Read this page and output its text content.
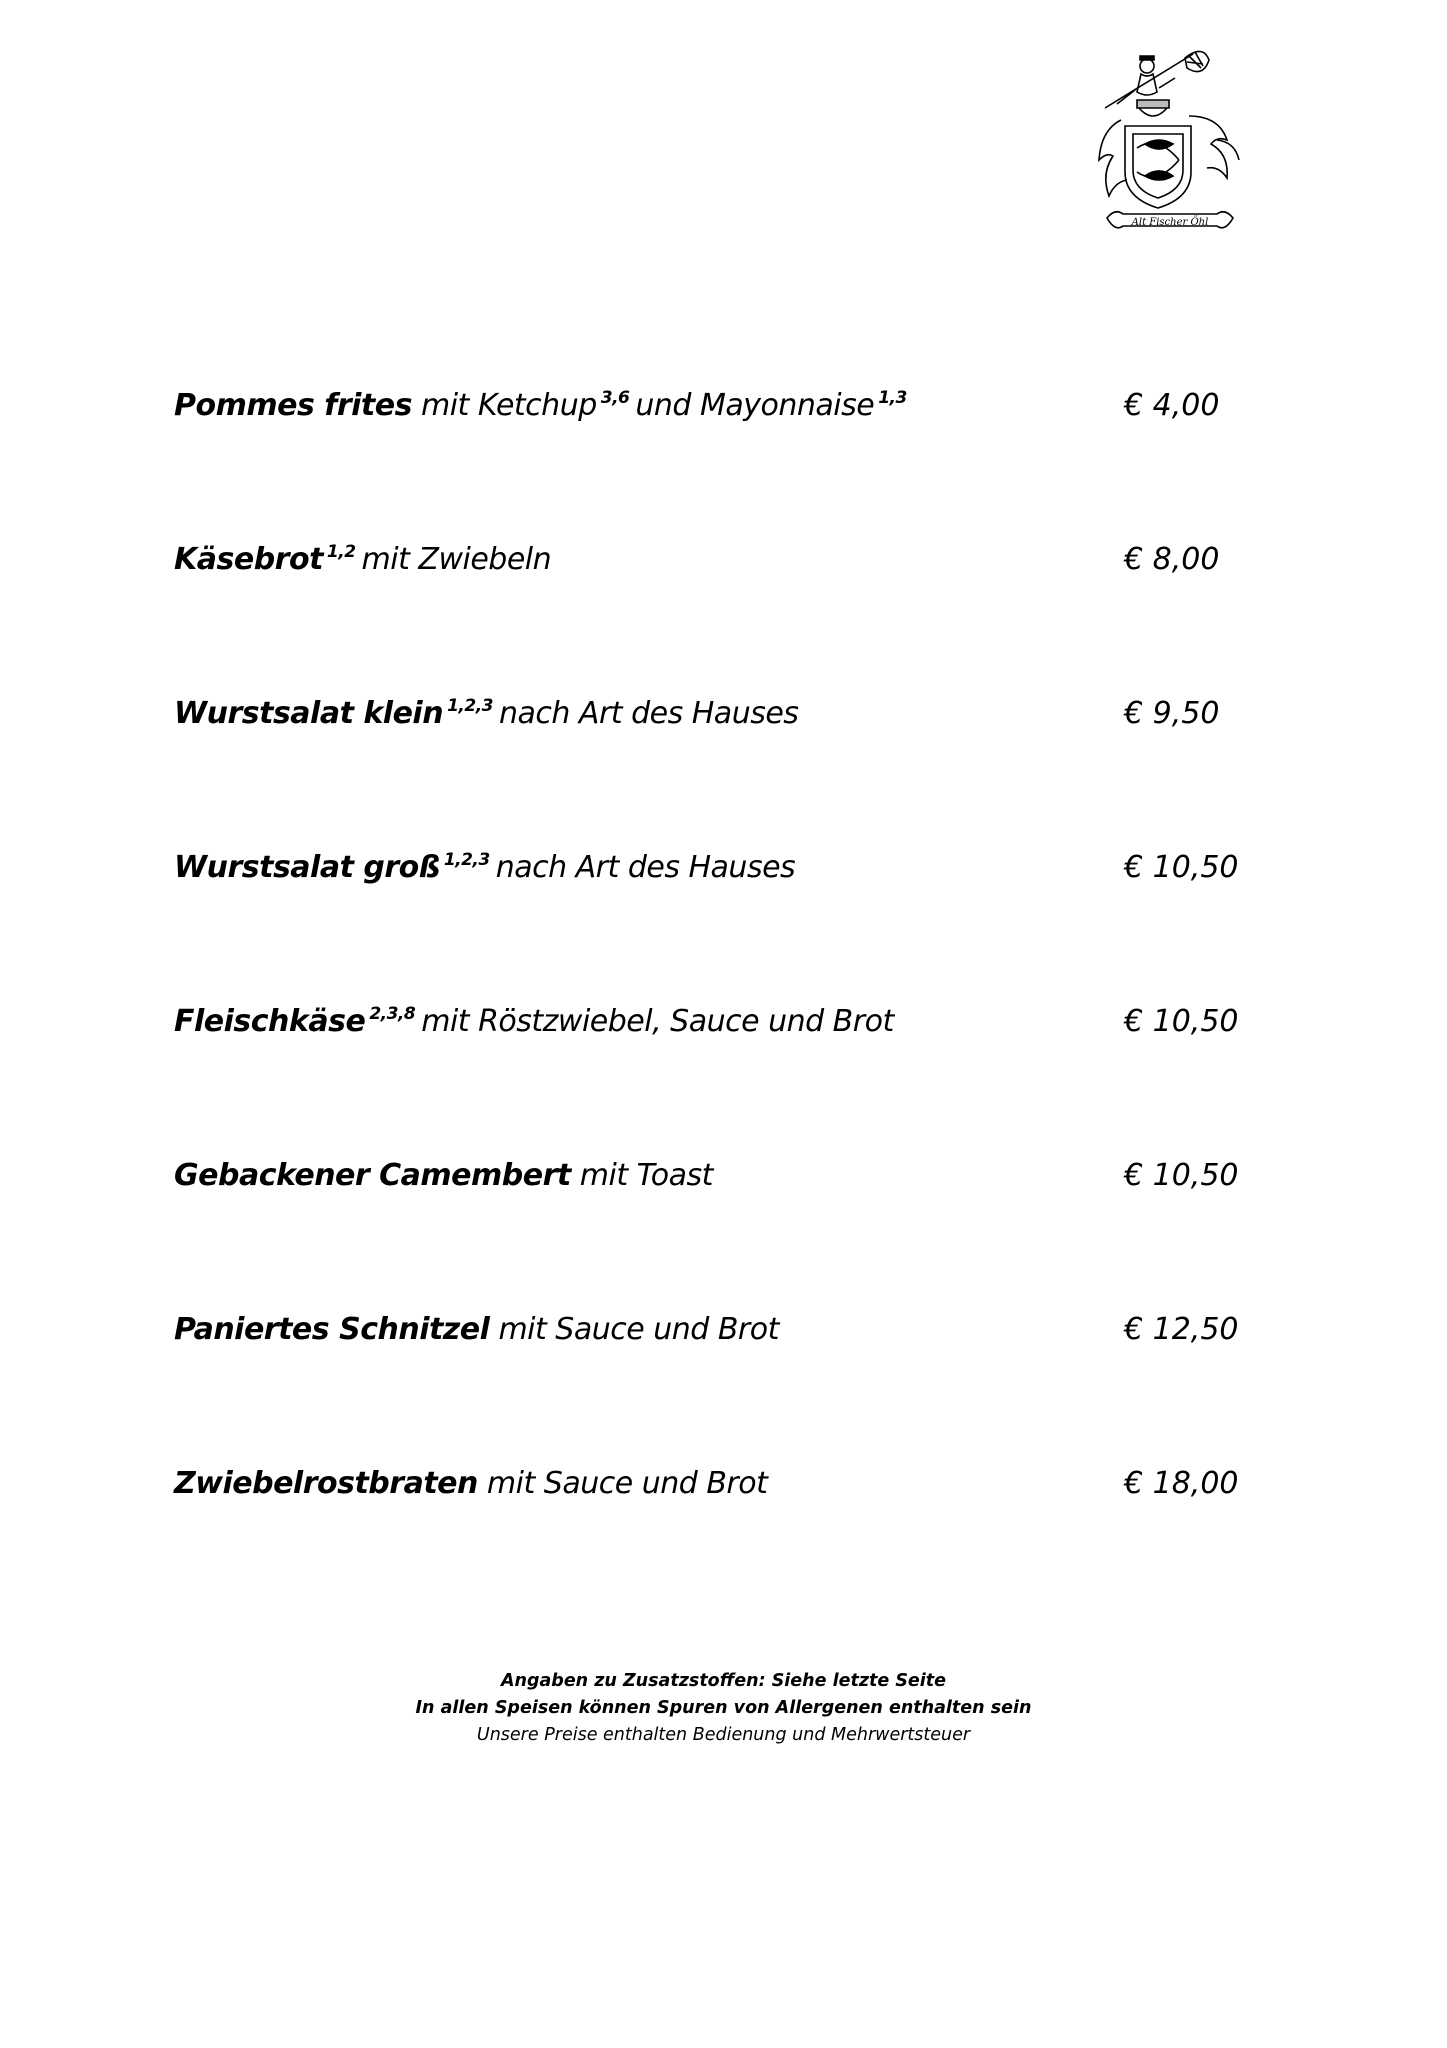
Alt Fischer Öhl
Pommes frites mit Ketchup $^{3,6}$ und Mayonnaise $^{1,3}$	€ 4,00
Käsebrot $^{1,2}$ mit Zwiebeln	€ 8,00
Wurstsalat klein $^{1,2,3}$ nach Art des Hauses	€ 9,50
Wurstsalat groß $^{1,2,3}$ nach Art des Hauses	€ 10,50
Fleischkäse $^{2,3,8}$ mit Röstzwiebel, Sauce und Brot	€ 10,50
Gebackener Camembert mit Toast	€ 10,50
Paniertes Schnitzel mit Sauce und Brot	€ 12,50
Zwiebelrostbraten mit Sauce und Brot	€ 18,00
Angaben zu Zusatzstoffen: Siehe letzte Seite
In allen Speisen können Spuren von Allergenen enthalten sein
Unsere Preise enthalten Bedienung und Mehrwertsteuer
